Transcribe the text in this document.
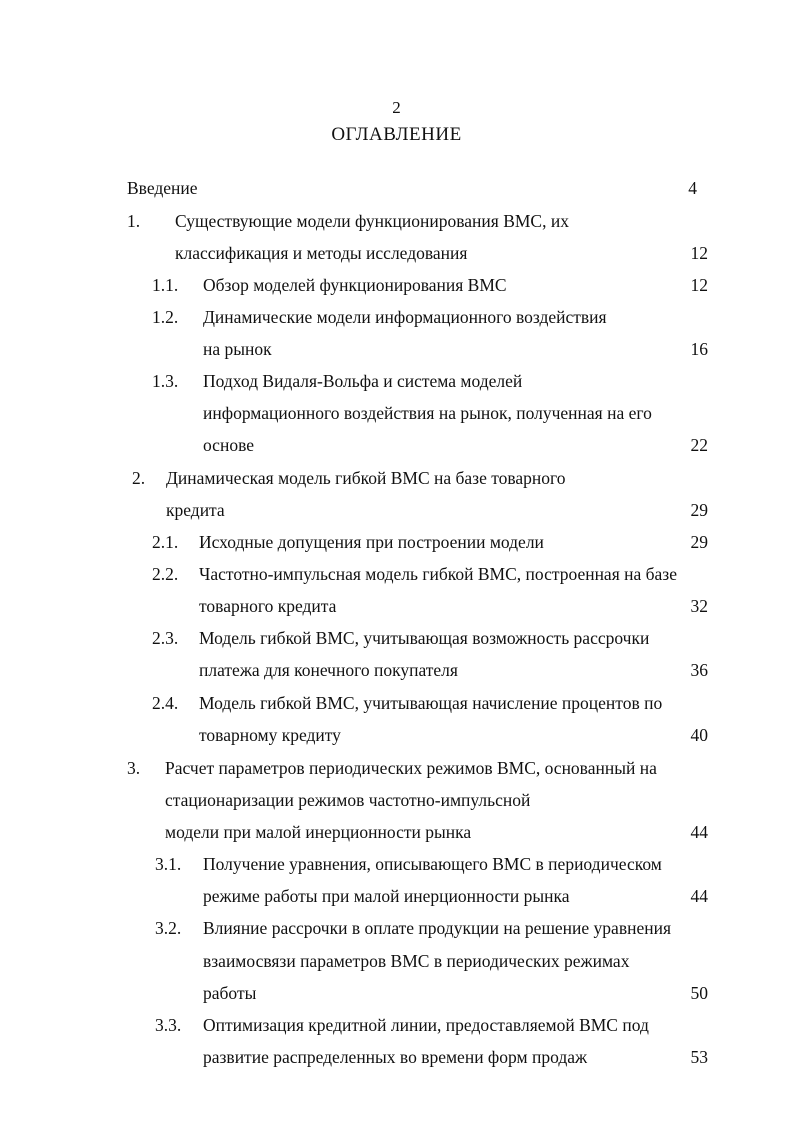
2
ОГЛАВЛЕНИЕ
Введение	4
1. Существующие модели функционирования ВМС, их
классификация и методы исследования	12
1.1. Обзор моделей функционирования ВМС	12
1.2. Динамические модели информационного воздействия
на рынок	16
1.3. Подход Видаля-Вольфа и система моделей
информационного воздействия на рынок, полученная на его
основе	22
2. Динамическая модель гибкой ВМС на базе товарного
кредита	29
2.1. Исходные допущения при построении модели	29
2.2. Частотно-импульсная модель гибкой ВМС, построенная на базе
товарного кредита	32
2.3. Модель гибкой ВМС, учитывающая возможность рассрочки
платежа для конечного покупателя	36
2.4. Модель гибкой ВМС, учитывающая начисление процентов по
товарному кредиту	40
3. Расчет параметров периодических режимов ВМС, основанный на
стационаризации режимов частотно-импульсной
модели при малой инерционности рынка	44
3.1. Получение уравнения, описывающего ВМС в периодическом
режиме работы при малой инерционности рынка	44
3.2. Влияние рассрочки в оплате продукции на решение уравнения
взаимосвязи параметров ВМС в периодических режимах
работы	50
3.3. Оптимизация кредитной линии, предоставляемой ВМС под
развитие распределенных во времени форм продаж	53
